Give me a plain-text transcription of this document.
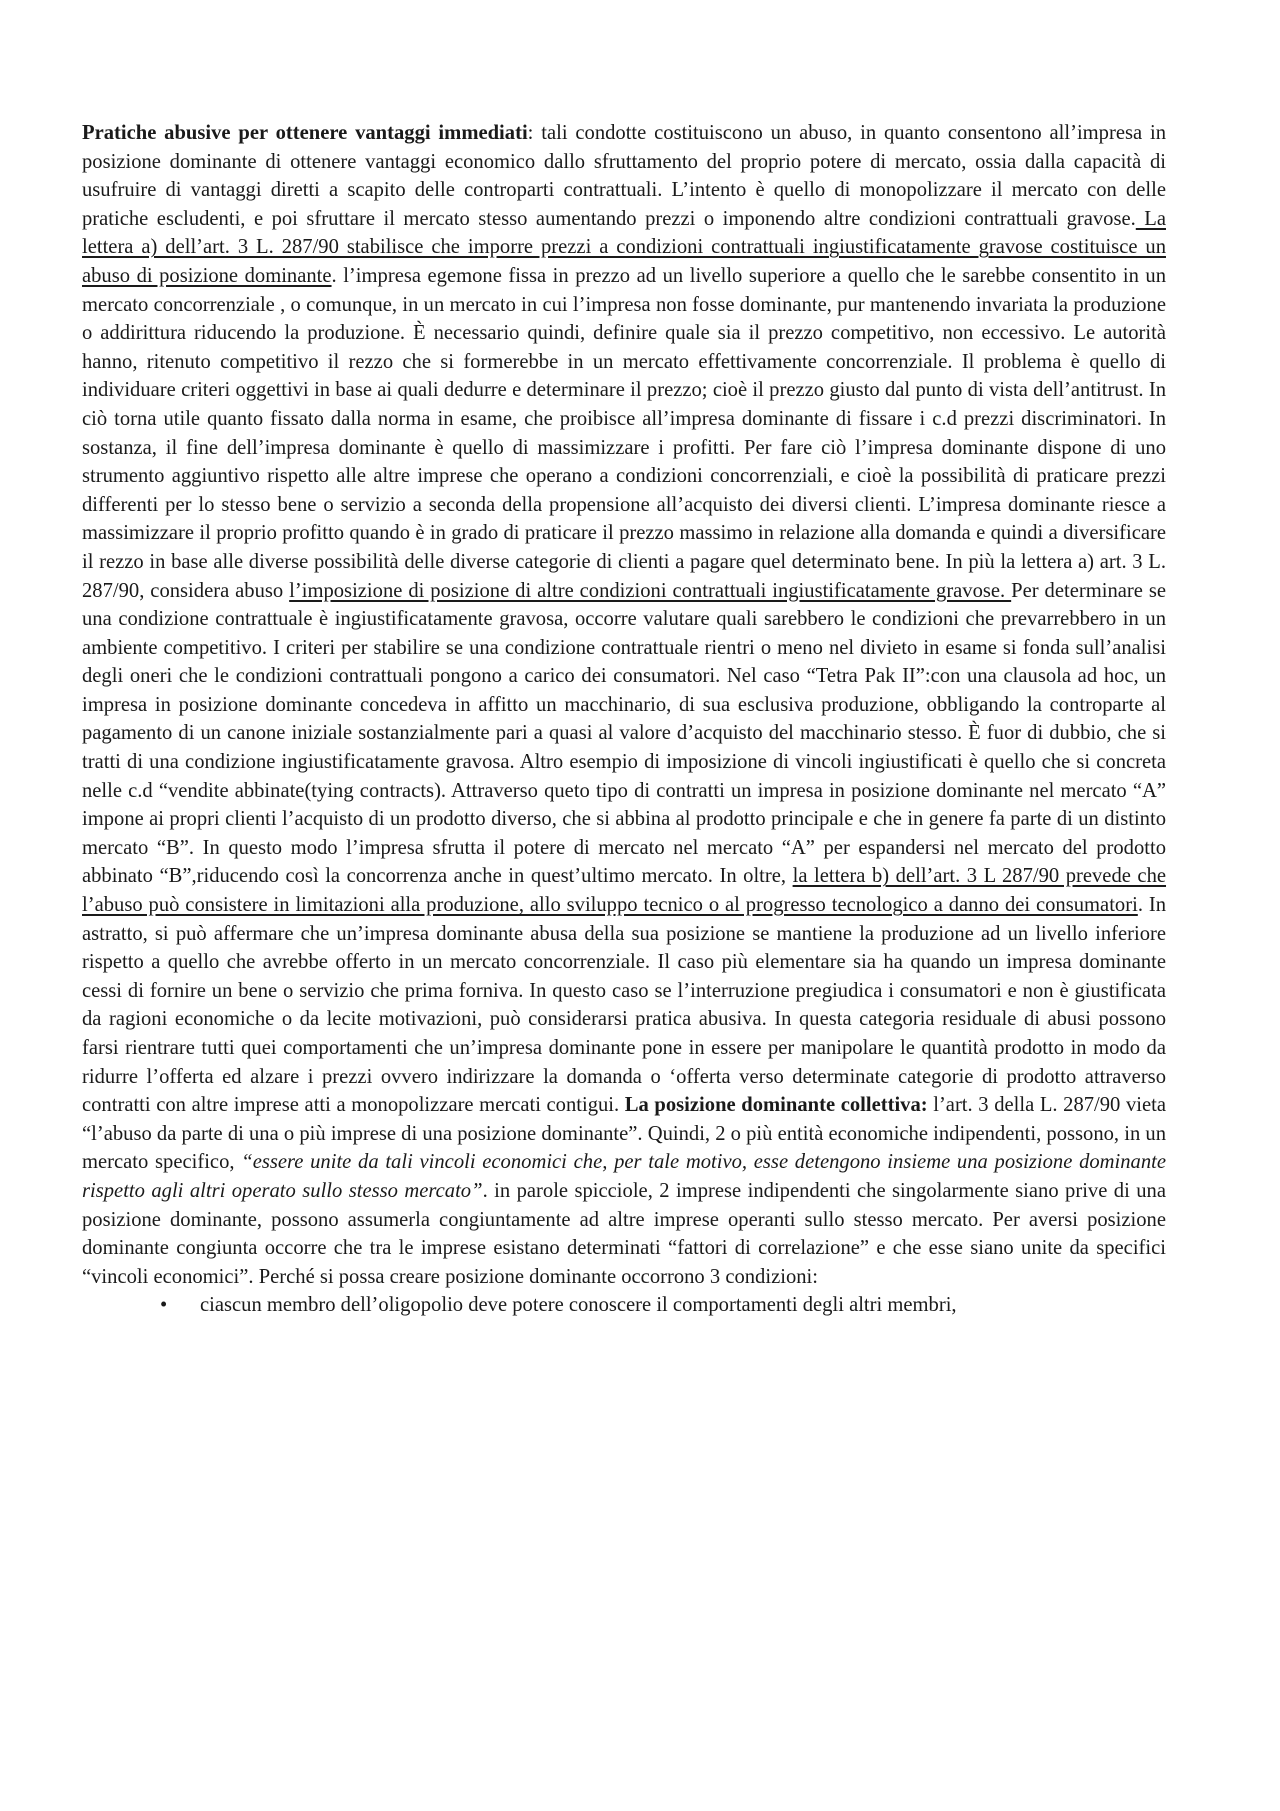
Pratiche abusive per ottenere vantaggi immediati: tali condotte costituiscono un abuso, in quanto consentono all’impresa in posizione dominante di ottenere vantaggi economico dallo sfruttamento del proprio potere di mercato, ossia dalla capacità di usufruire di vantaggi diretti a scapito delle controparti contrattuali. L’intento è quello di monopolizzare il mercato con delle pratiche escludenti, e poi sfruttare il mercato stesso aumentando prezzi o imponendo altre condizioni contrattuali gravose. La lettera a) dell’art. 3 L. 287/90 stabilisce che imporre prezzi a condizioni contrattuali ingiustificatamente gravose costituisce un abuso di posizione dominante. l’impresa egemone fissa in prezzo ad un livello superiore a quello che le sarebbe consentito in un mercato concorrenziale , o comunque, in un mercato in cui l’impresa non fosse dominante, pur mantenendo invariata la produzione o addirittura riducendo la produzione. È necessario quindi, definire quale sia il prezzo competitivo, non eccessivo. Le autorità hanno, ritenuto competitivo il rezzo che si formerebbe in un mercato effettivamente concorrenziale. Il problema è quello di individuare criteri oggettivi in base ai quali dedurre e determinare il prezzo; cioè il prezzo giusto dal punto di vista dell’antitrust. In ciò torna utile quanto fissato dalla norma in esame, che proibisce all’impresa dominante di fissare i c.d prezzi discriminatori. In sostanza, il fine dell’impresa dominante è quello di massimizzare i profitti. Per fare ciò l’impresa dominante dispone di uno strumento aggiuntivo rispetto alle altre imprese che operano a condizioni concorrenziali, e cioè la possibilità di praticare prezzi differenti per lo stesso bene o servizio a seconda della propensione all’acquisto dei diversi clienti. L’impresa dominante riesce a massimizzare il proprio profitto quando è in grado di praticare il prezzo massimo in relazione alla domanda e quindi a diversificare il rezzo in base alle diverse possibilità delle diverse categorie di clienti a pagare quel determinato bene. In più la lettera a) art. 3 L. 287/90, considera abuso l’imposizione di posizione di altre condizioni contrattuali ingiustificatamente gravose. Per determinare se una condizione contrattuale è ingiustificatamente gravosa, occorre valutare quali sarebbero le condizioni che prevarrebbero in un ambiente competitivo. I criteri per stabilire se una condizione contrattuale rientri o meno nel divieto in esame si fonda sull’analisi degli oneri che le condizioni contrattuali pongono a carico dei consumatori. Nel caso “Tetra Pak II”:con una clausola ad hoc, un impresa in posizione dominante concedeva in affitto un macchinario, di sua esclusiva produzione, obbligando la controparte al pagamento di un canone iniziale sostanzialmente pari a quasi al valore d’acquisto del macchinario stesso. È fuor di dubbio, che si tratti di una condizione ingiustificatamente gravosa. Altro esempio di imposizione di vincoli ingiustificati è quello che si concreta nelle c.d “vendite abbinate(tying contracts). Attraverso queto tipo di contratti un impresa in posizione dominante nel mercato “A” impone ai propri clienti l’acquisto di un prodotto diverso, che si abbina al prodotto principale e che in genere fa parte di un distinto mercato “B”. In questo modo l’impresa sfrutta il potere di mercato nel mercato “A” per espandersi nel mercato del prodotto abbinato “B”,riducendo così la concorrenza anche in quest’ultimo mercato. In oltre, la lettera b) dell’art. 3 L 287/90 prevede che l’abuso può consistere in limitazioni alla produzione, allo sviluppo tecnico o al progresso tecnologico a danno dei consumatori. In astratto, si può affermare che un’impresa dominante abusa della sua posizione se mantiene la produzione ad un livello inferiore rispetto a quello che avrebbe offerto in un mercato concorrenziale. Il caso più elementare sia ha quando un impresa dominante cessi di fornire un bene o servizio che prima forniva. In questo caso se l’interruzione pregiudica i consumatori e non è giustificata da ragioni economiche o da lecite motivazioni, può considerarsi pratica abusiva. In questa categoria residuale di abusi possono farsi rientrare tutti quei comportamenti che un’impresa dominante pone in essere per manipolare le quantità prodotto in modo da ridurre l’offerta ed alzare i prezzi ovvero indirizzare la domanda o ‘offerta verso determinate categorie di prodotto attraverso contratti con altre imprese atti a monopolizzare mercati contigui. La posizione dominante collettiva: l’art. 3 della L. 287/90 vieta “l’abuso da parte di una o più imprese di una posizione dominante”. Quindi, 2 o più entità economiche indipendenti, possono, in un mercato specifico, “essere unite da tali vincoli economici che, per tale motivo, esse detengono insieme una posizione dominante rispetto agli altri operato sullo stesso mercato”. in parole spicciole, 2 imprese indipendenti che singolarmente siano prive di una posizione dominante, possono assumerla congiuntamente ad altre imprese operanti sullo stesso mercato. Per aversi posizione dominante congiunta occorre che tra le imprese esistano determinati “fattori di correlazione” e che esse siano unite da specifici “vincoli economici”. Perché si possa creare posizione dominante occorrono 3 condizioni:

• ciascun membro dell’oligopolio deve potere conoscere il comportamenti degli altri membri,
